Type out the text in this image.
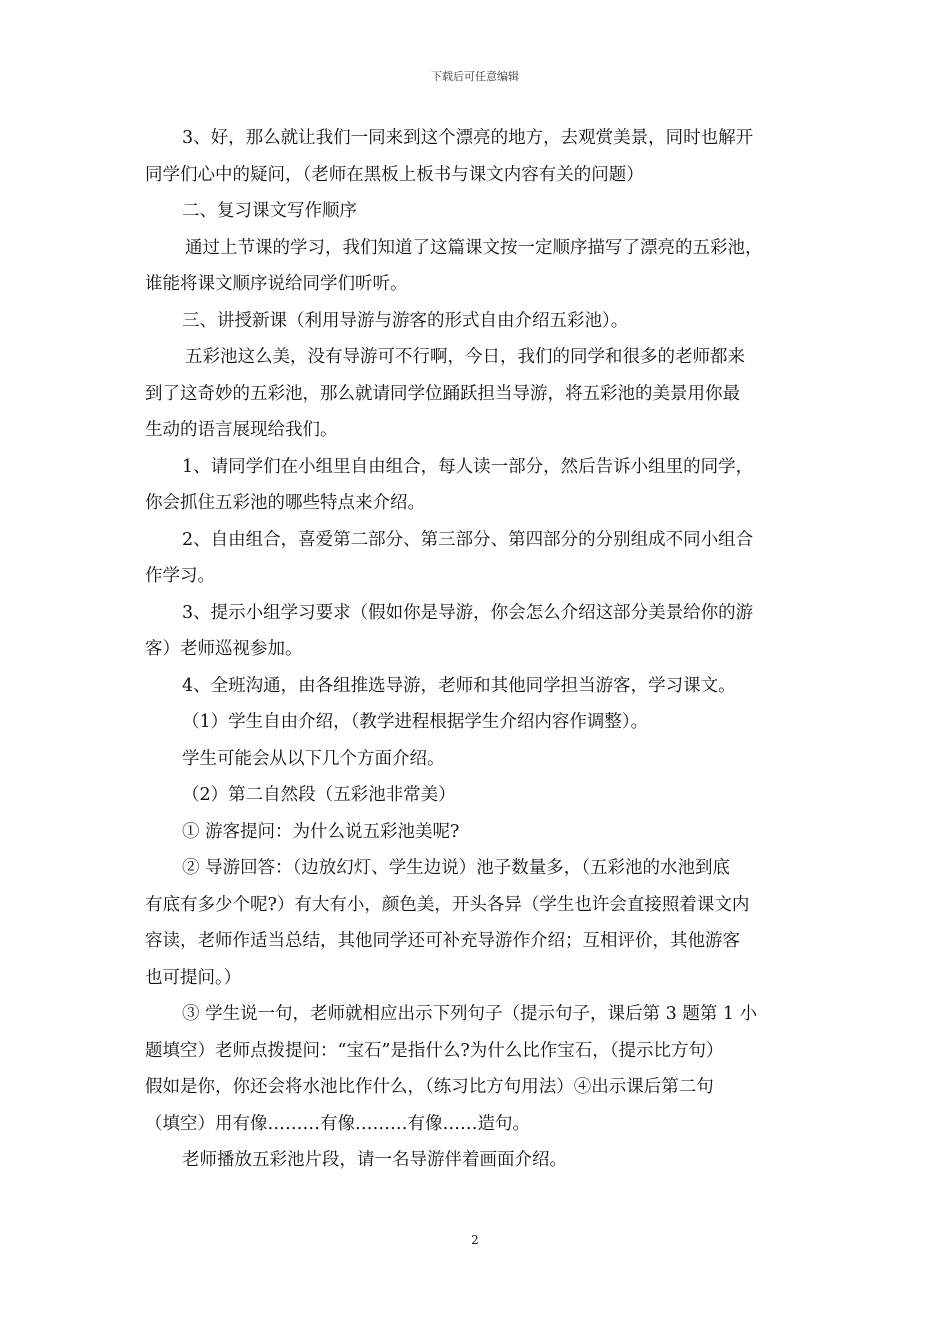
下载后可任意编辑
3、好，那么就让我们一同来到这个漂亮的地方，去观赏美景，同时也解开
同学们心中的疑问，（老师在黑板上板书与课文内容有关的问题）
二、复习课文写作顺序
通过上节课的学习，我们知道了这篇课文按一定顺序描写了漂亮的五彩池，
谁能将课文顺序说给同学们听听。
三、讲授新课（利用导游与游客的形式自由介绍五彩池）。
五彩池这么美，没有导游可不行啊，今日，我们的同学和很多的老师都来
到了这奇妙的五彩池，那么就请同学位踊跃担当导游，将五彩池的美景用你最
生动的语言展现给我们。
1、请同学们在小组里自由组合，每人读一部分，然后告诉小组里的同学，
你会抓住五彩池的哪些特点来介绍。
2、自由组合，喜爱第二部分、第三部分、第四部分的分别组成不同小组合
作学习。
3、提示小组学习要求（假如你是导游，你会怎么介绍这部分美景给你的游
客）老师巡视参加。
4、全班沟通，由各组推选导游，老师和其他同学担当游客，学习课文。
（1）学生自由介绍，（教学进程根据学生介绍内容作调整）。
学生可能会从以下几个方面介绍。
（2）第二自然段（五彩池非常美）
① 游客提问：为什么说五彩池美呢?
② 导游回答：（边放幻灯、学生边说）池子数量多，（五彩池的水池到底
有底有多少个呢?）有大有小，颜色美，开头各异（学生也许会直接照着课文内
容读，老师作适当总结，其他同学还可补充导游作介绍；互相评价，其他游客
也可提问。）
③ 学生说一句，老师就相应出示下列句子（提示句子，课后第 3 题第 1 小
题填空）老师点拨提问：“宝石”是指什么?为什么比作宝石，（提示比方句）
假如是你，你还会将水池比作什么，（练习比方句用法）④出示课后第二句
（填空）用有像………有像………有像……造句。
老师播放五彩池片段，请一名导游伴着画面介绍。
2
